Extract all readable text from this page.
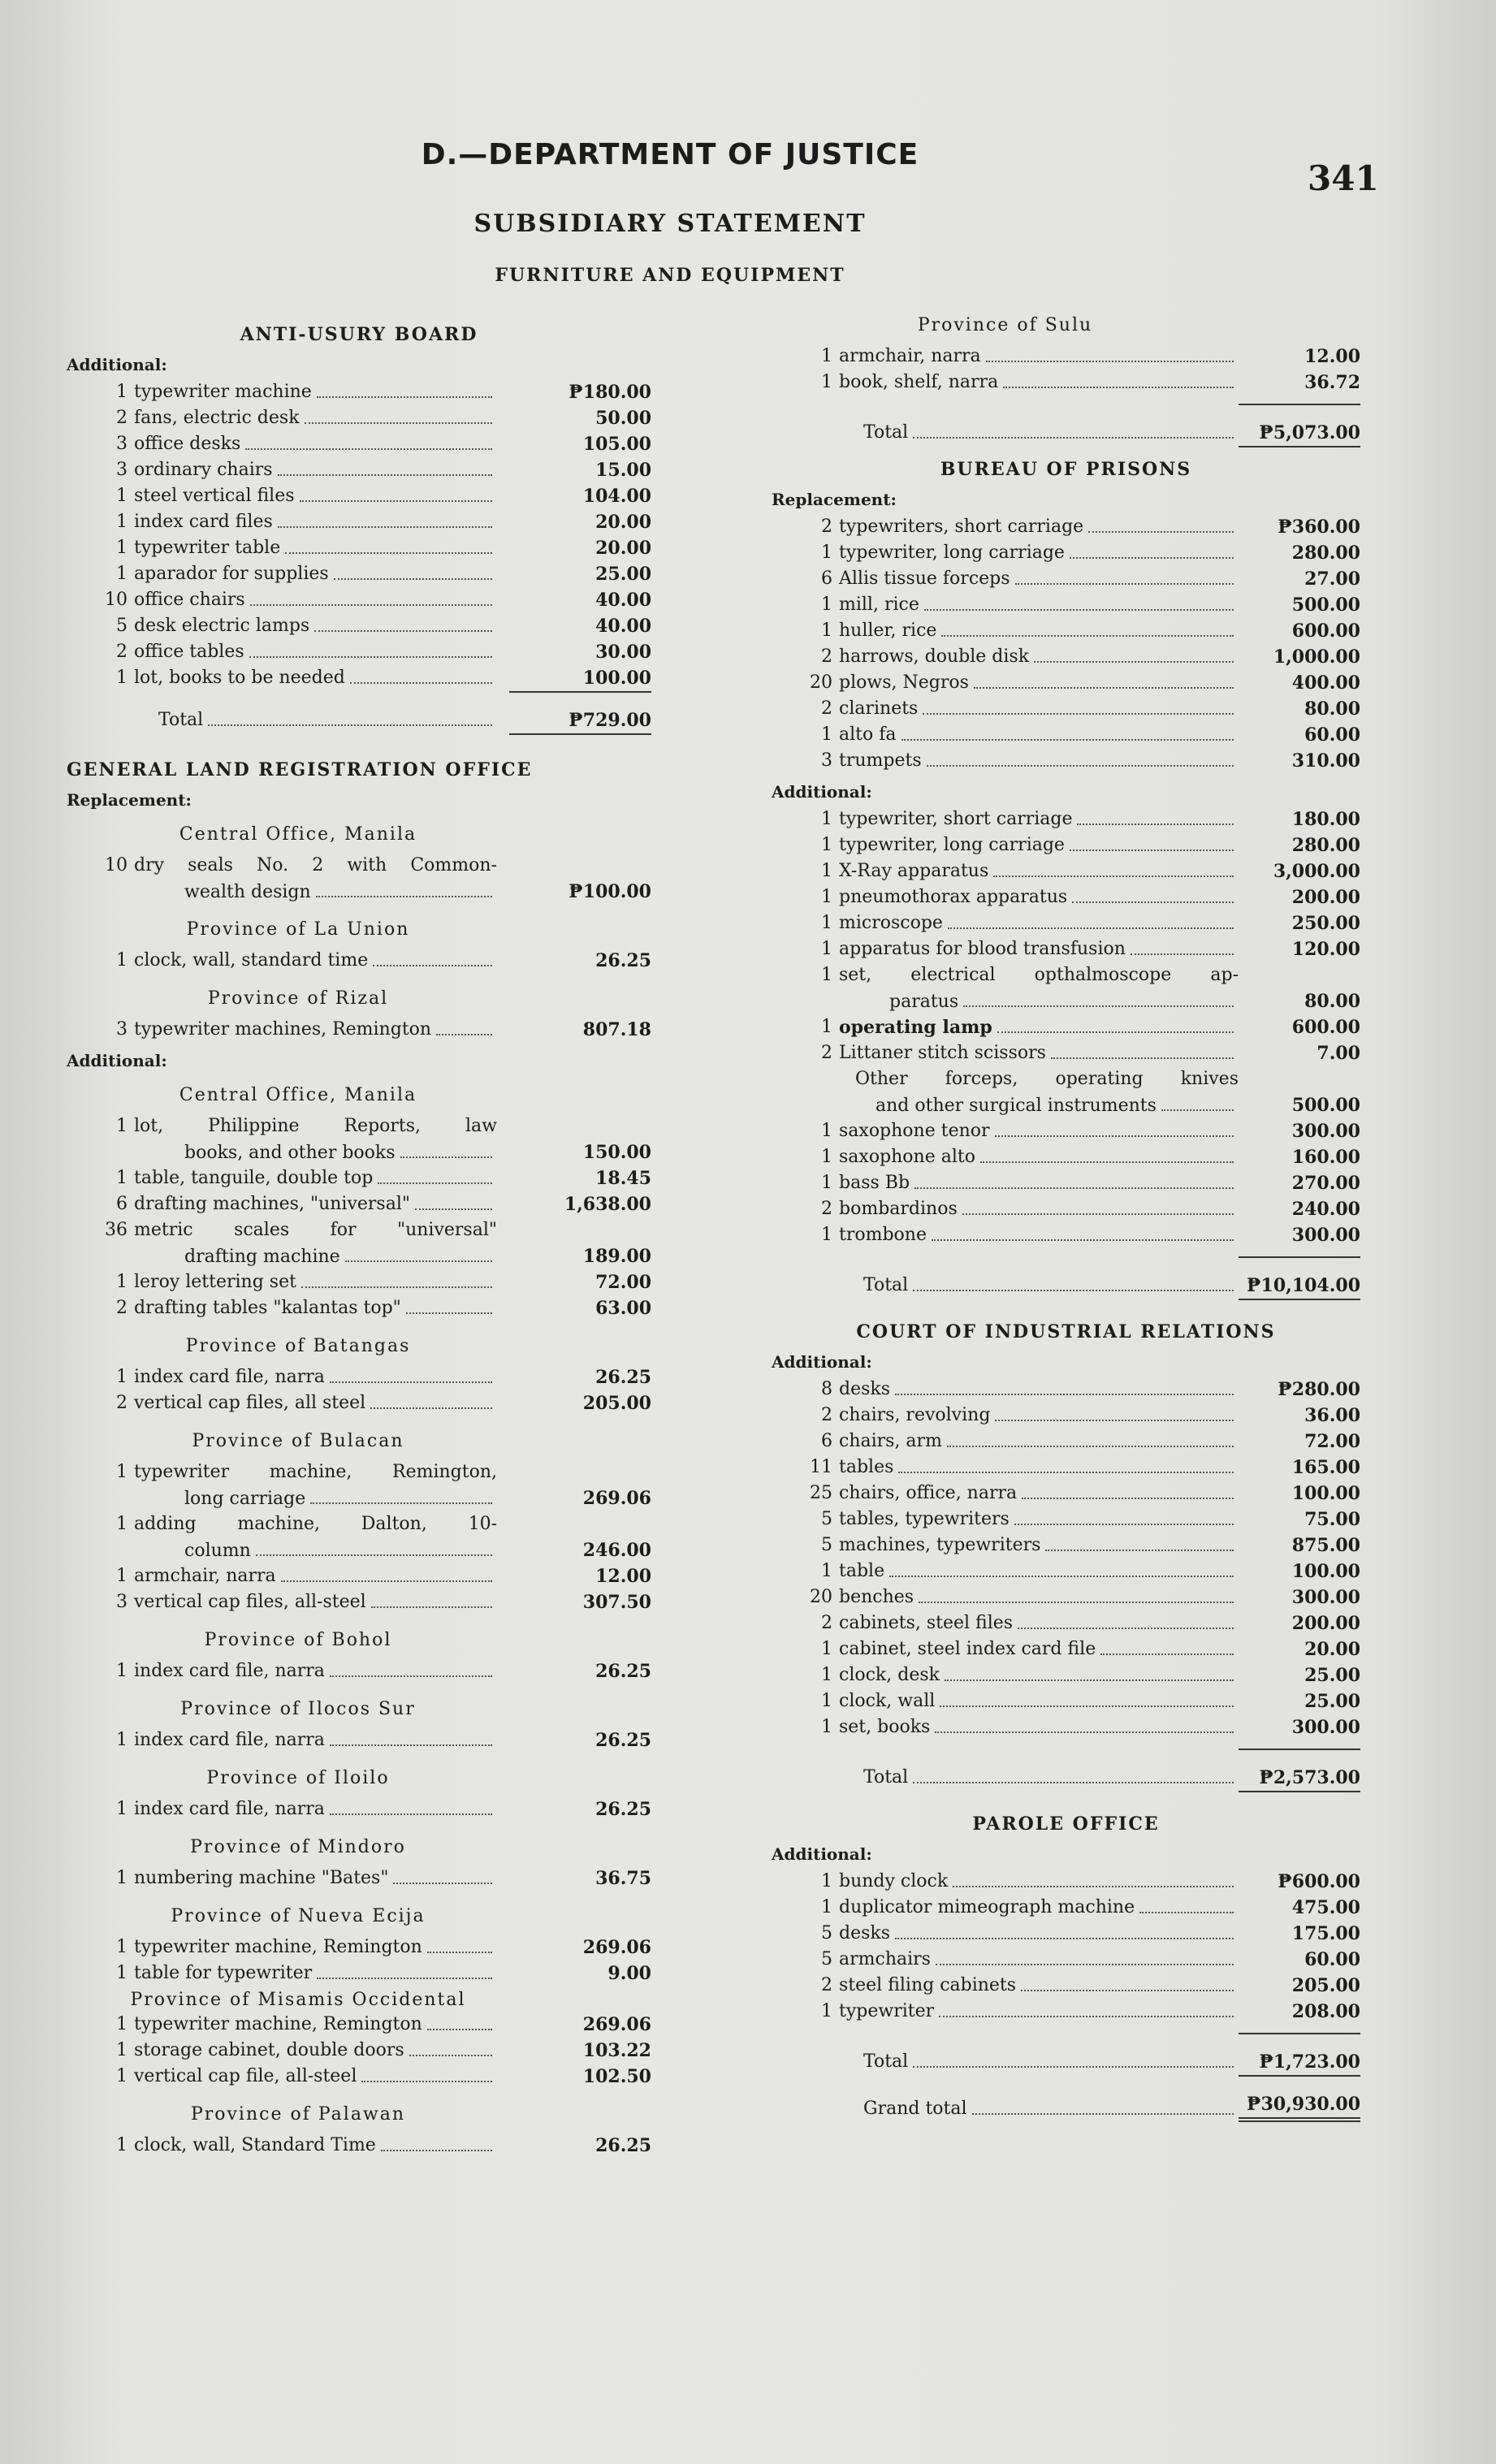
D.—DEPARTMENT OF JUSTICE
341
SUBSIDIARY STATEMENT
FURNITURE AND EQUIPMENT
ANTI-USURY BOARD
Additional:
1 typewriter machine	₱180.00
2 fans, electric desk	50.00
3 office desks	105.00
3 ordinary chairs	15.00
1 steel vertical files	104.00
1 index card files	20.00
1 typewriter table	20.00
1 aparador for supplies	25.00
10 office chairs	40.00
5 desk electric lamps	40.00
2 office tables	30.00
1 lot, books to be needed	100.00
Total	₱729.00
GENERAL LAND REGISTRATION OFFICE
Replacement:
Central Office, Manila
10 dry seals No. 2 with Common-
wealth design	₱100.00
Province of La Union
1 clock, wall, standard time	26.25
Province of Rizal
3 typewriter machines, Remington	807.18
Additional:
Central Office, Manila
1 lot, Philippine Reports, law
books, and other books	150.00
1 table, tanguile, double top	18.45
6 drafting machines, "universal"	1,638.00
36 metric scales for "universal"
drafting machine	189.00
1 leroy lettering set	72.00
2 drafting tables "kalantas top"	63.00
Province of Batangas
1 index card file, narra	26.25
2 vertical cap files, all steel	205.00
Province of Bulacan
1 typewriter machine, Remington,
long carriage	269.06
1 adding machine, Dalton, 10-
column	246.00
1 armchair, narra	12.00
3 vertical cap files, all-steel	307.50
Province of Bohol
1 index card file, narra	26.25
Province of Ilocos Sur
1 index card file, narra	26.25
Province of Iloilo
1 index card file, narra	26.25
Province of Mindoro
1 numbering machine "Bates"	36.75
Province of Nueva Ecija
1 typewriter machine, Remington	269.06
1 table for typewriter	9.00
Province of Misamis Occidental
1 typewriter machine, Remington	269.06
1 storage cabinet, double doors	103.22
1 vertical cap file, all-steel	102.50
Province of Palawan
1 clock, wall, Standard Time	26.25
Province of Sulu
1 armchair, narra	12.00
1 book, shelf, narra	36.72
Total	₱5,073.00
BUREAU OF PRISONS
Replacement:
2 typewriters, short carriage	₱360.00
1 typewriter, long carriage	280.00
6 Allis tissue forceps	27.00
1 mill, rice	500.00
1 huller, rice	600.00
2 harrows, double disk	1,000.00
20 plows, Negros	400.00
2 clarinets	80.00
1 alto fa	60.00
3 trumpets	310.00
Additional:
1 typewriter, short carriage	180.00
1 typewriter, long carriage	280.00
1 X-Ray apparatus	3,000.00
1 pneumothorax apparatus	200.00
1 microscope	250.00
1 apparatus for blood transfusion	120.00
1 set, electrical opthalmoscope ap-
paratus	80.00
1 operating lamp	600.00
2 Littaner stitch scissors	7.00
Other forceps, operating knives
and other surgical instruments	500.00
1 saxophone tenor	300.00
1 saxophone alto	160.00
1 bass Bb	270.00
2 bombardinos	240.00
1 trombone	300.00
Total	₱10,104.00
COURT OF INDUSTRIAL RELATIONS
Additional:
8 desks	₱280.00
2 chairs, revolving	36.00
6 chairs, arm	72.00
11 tables	165.00
25 chairs, office, narra	100.00
5 tables, typewriters	75.00
5 machines, typewriters	875.00
1 table	100.00
20 benches	300.00
2 cabinets, steel files	200.00
1 cabinet, steel index card file	20.00
1 clock, desk	25.00
1 clock, wall	25.00
1 set, books	300.00
Total	₱2,573.00
PAROLE OFFICE
Additional:
1 bundy clock	₱600.00
1 duplicator mimeograph machine	475.00
5 desks	175.00
5 armchairs	60.00
2 steel filing cabinets	205.00
1 typewriter	208.00
Total	₱1,723.00
Grand total	₱30,930.00
